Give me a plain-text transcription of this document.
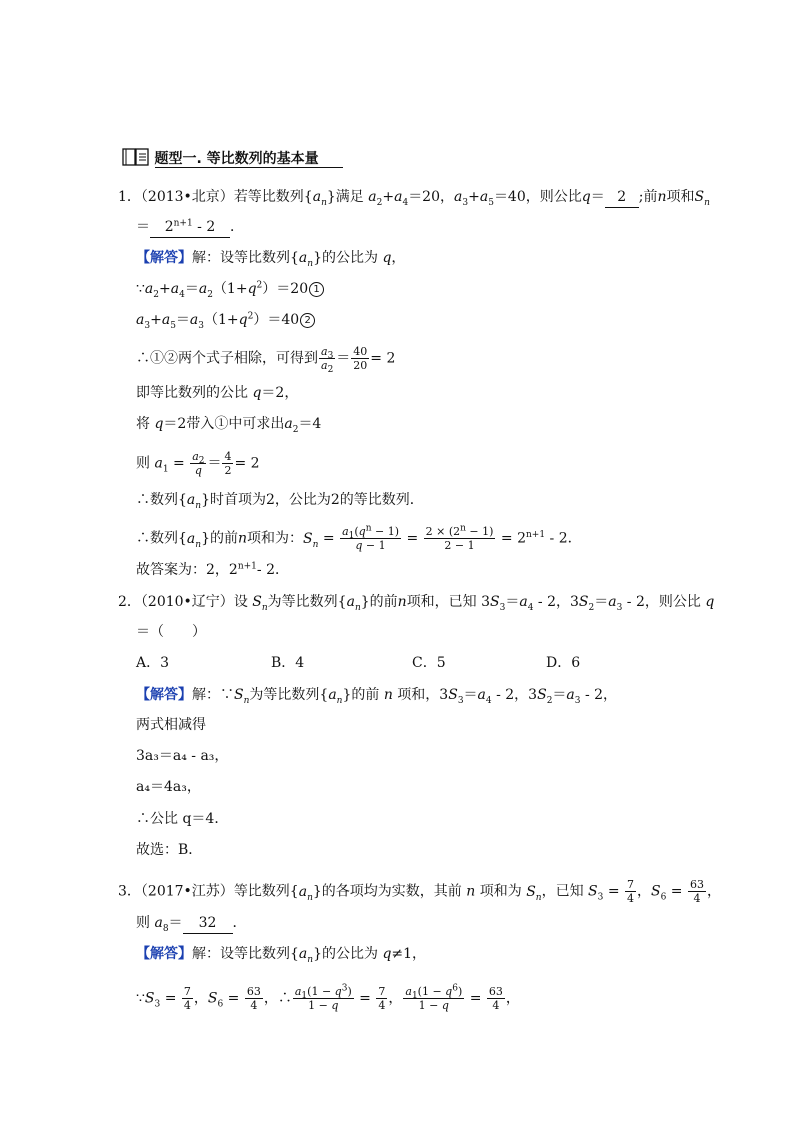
题型一. 等比数列的基本量
1．（2013•北京）若等比数列$\{a_n\}$满足 $a_2+a_4=20$，$a_3+a_5=40$，则公比q＝ 2 ;前n项和$S_n$
＝ $2^{n+1} - 2$ ．
【解答】解：设等比数列$\{a_n\}$的公比为 q，
$\because a_2+a_4=a_2(1+q^2)=20$ 1
$a_3+a_5=a_3(1+q^2)=40$ 2
∴①②两个式子相除，可得到 $\frac{a_3}{a_2} = \frac{40}{20} = 2$
即等比数列的公比 q＝2，
将 q＝2带入①中可求出$a_2=4$
则 $a_1 = \frac{a_2}{q} = \frac{4}{2} = 2$
∴数列$\{a_n\}$时首项为2，公比为2的等比数列．
∴数列$\{a_n\}$的前n项和为：$S_n = \frac{a_1(q^n - 1)}{q - 1} = \frac{2 \times (2^n - 1)}{2 - 1} = 2^{n+1} - 2$．
故答案为：2，$2^{n+1}-$ 2．
2．（2010•辽宁）设 $S_n$为等比数列$\{a_n\}$的前n项和，已知 $3S_3=a_4 - 2$，$3S_2=a_3 - 2$，则公比 q
＝（　　）
A．3	B．4	C．5	D．6
【解答】解：$\because S_n$为等比数列$\{a_n\}$的前 n 项和，$3S_3=a_4 - 2$，$3S_2=a_3 - 2$，
两式相减得
3a₃＝a₄ - a₃，
a₄＝4a₃，
∴公比 q＝4．
故选：B．
3．（2017•江苏）等比数列$\{a_n\}$的各项均为实数，其前 n 项和为 $S_n$，已知 $S_3 = \frac{7}{4}$ ，$S_6 = \frac{63}{4}$ ，
则 $a_8= 32$ ．
【解答】解：设等比数列$\{a_n\}$的公比为 q≠1，
$\because S_3 = \frac{7}{4}$ ，$S_6 = \frac{63}{4}$ ，∴ $\frac{a_1(1 - q^3)}{1 - q} = \frac{7}{4}$ ， $\frac{a_1(1 - q^6)}{1 - q} = \frac{63}{4}$ ，
